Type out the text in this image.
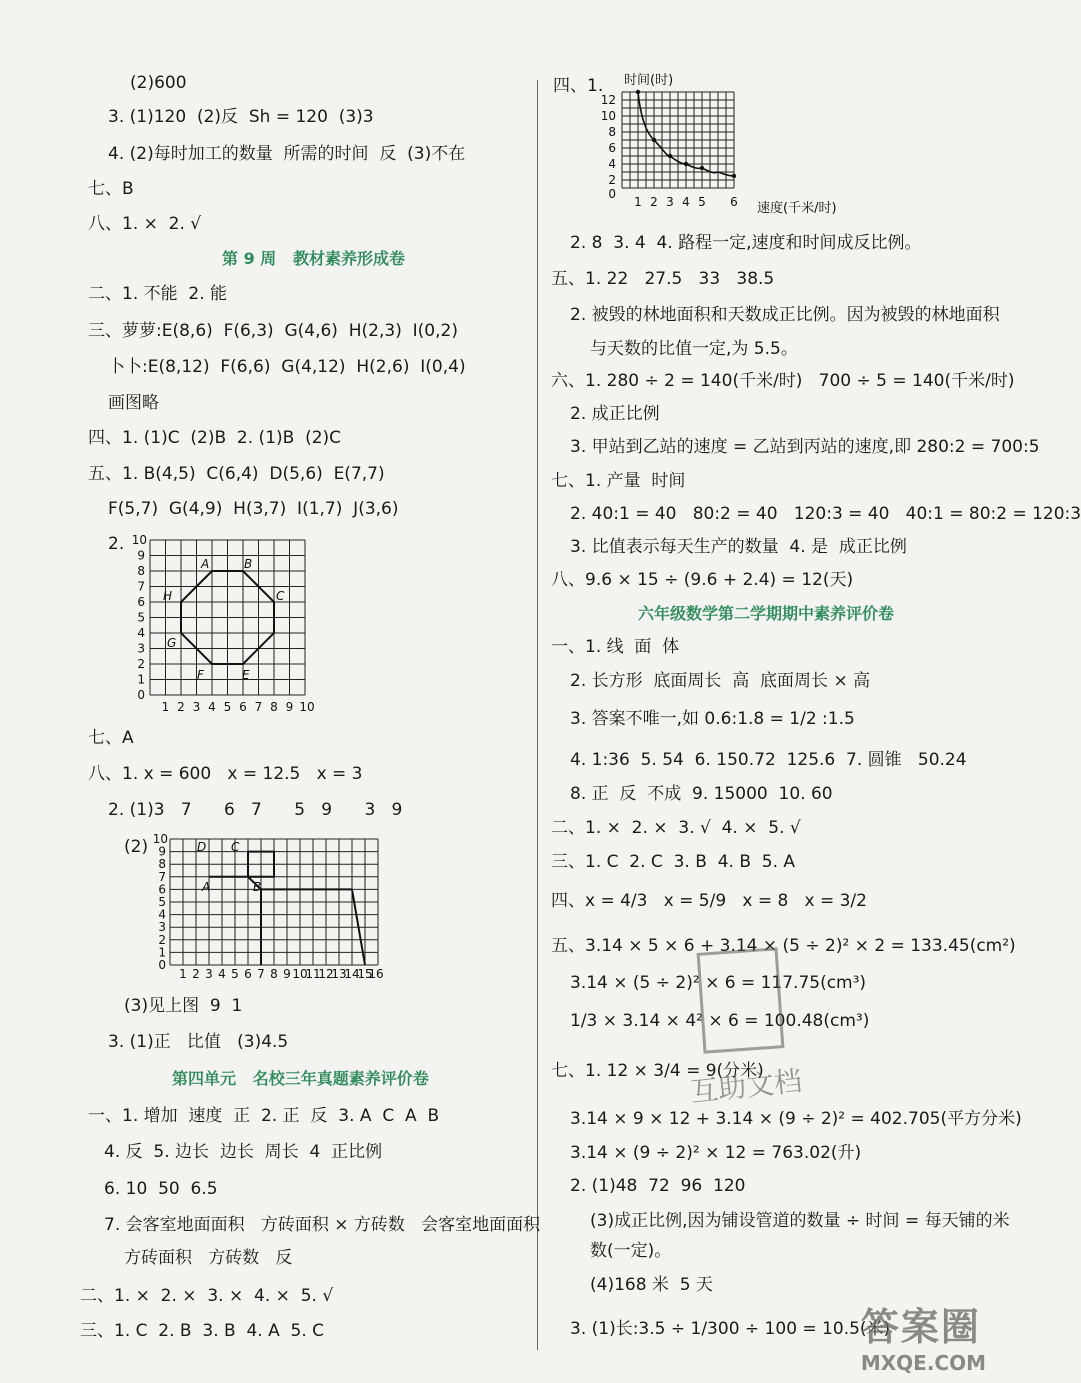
(2)600
3. (1)120  (2)反  Sh = 120  (3)3
4. (2)每时加工的数量  所需的时间  反  (3)不在
七、B
八、1. ×  2. √
第 9 周   教材素养形成卷
二、1. 不能  2. 能
三、萝萝:E(8,6)  F(6,3)  G(4,6)  H(2,3)  I(0,2)
卜卜:E(8,12)  F(6,6)  G(4,12)  H(2,6)  I(0,4)
画图略
四、1. (1)C  (2)B  2. (1)B  (2)C
五、1. B(4,5)  C(6,4)  D(5,6)  E(7,7)
F(5,7)  G(4,9)  H(3,7)  I(1,7)  J(3,6)
2.
A	B
C
E
F
G
H
1 2 3 4 5 6 7 8 9 10
0
1
2
3
4
5
6
7
8
9
10
七、A
八、1. x = 600   x = 12.5   x = 3
2. (1)3   7      6   7      5   9      3   9
(2)
A	B
C
D
1 2 3 4 5 6 7 8 9 10
11
12
13
14
15
16
0
1
2
3
4
5
6
7
8
9
10
(3)见上图  9  1
3. (1)正   比值   (3)4.5
第四单元   名校三年真题素养评价卷
一、1. 增加  速度  正  2. 正  反  3. A  C  A  B
4. 反  5. 边长  边长  周长  4  正比例
6. 10  50  6.5
7. 会客室地面面积   方砖面积 × 方砖数   会客室地面面积
方砖面积   方砖数   反
二、1. ×  2. ×  3. ×  4. ×  5. √
三、1. C  2. B  3. B  4. A  5. C
四、1. 时间(时)
1 2 3 4 5 6
0
2
4
6
8
10
12
速度(千米/时)
2. 8  3. 4  4. 路程一定,速度和时间成反比例。
五、1. 22   27.5   33   38.5
2. 被毁的林地面积和天数成正比例。因为被毁的林地面积
与天数的比值一定,为 5.5。
六、1. 280 ÷ 2 = 140(千米/时)   700 ÷ 5 = 140(千米/时)
2. 成正比例
3. 甲站到乙站的速度 = 乙站到丙站的速度,即 280:2 = 700:5
七、1. 产量  时间
2. 40:1 = 40   80:2 = 40   120:3 = 40   40:1 = 80:2 = 120:3
3. 比值表示每天生产的数量  4. 是  成正比例
八、9.6 × 15 ÷ (9.6 + 2.4) = 12(天)
六年级数学第二学期期中素养评价卷
一、1. 线  面  体
2. 长方形  底面周长  高  底面周长 × 高
3. 答案不唯一,如 0.6:1.8 = 1/2 :1.5
4. 1:36  5. 54  6. 150.72  125.6  7. 圆锥   50.24
8. 正  反  不成  9. 15000  10. 60
二、1. ×  2. ×  3. √  4. ×  5. √
三、1. C  2. C  3. B  4. B  5. A
四、x = 4/3   x = 5/9   x = 8   x = 3/2
五、3.14 × 5 × 6 + 3.14 × (5 ÷ 2)² × 2 = 133.45(cm²)
3.14 × (5 ÷ 2)² × 6 = 117.75(cm³)
1/3 × 3.14 × 4² × 6 = 100.48(cm³)
七、1. 12 × 3/4 = 9(分米)
3.14 × 9 × 12 + 3.14 × (9 ÷ 2)² = 402.705(平方分米)
3.14 × (9 ÷ 2)² × 12 = 763.02(升)
2. (1)48  72  96  120
(3)成正比例,因为铺设管道的数量 ÷ 时间 = 每天铺的米
数(一定)。
(4)168 米  5 天
3. (1)长:3.5 ÷ 1/300 ÷ 100 = 10.5(米)
互助文档
答案圈
MXQE.COM
